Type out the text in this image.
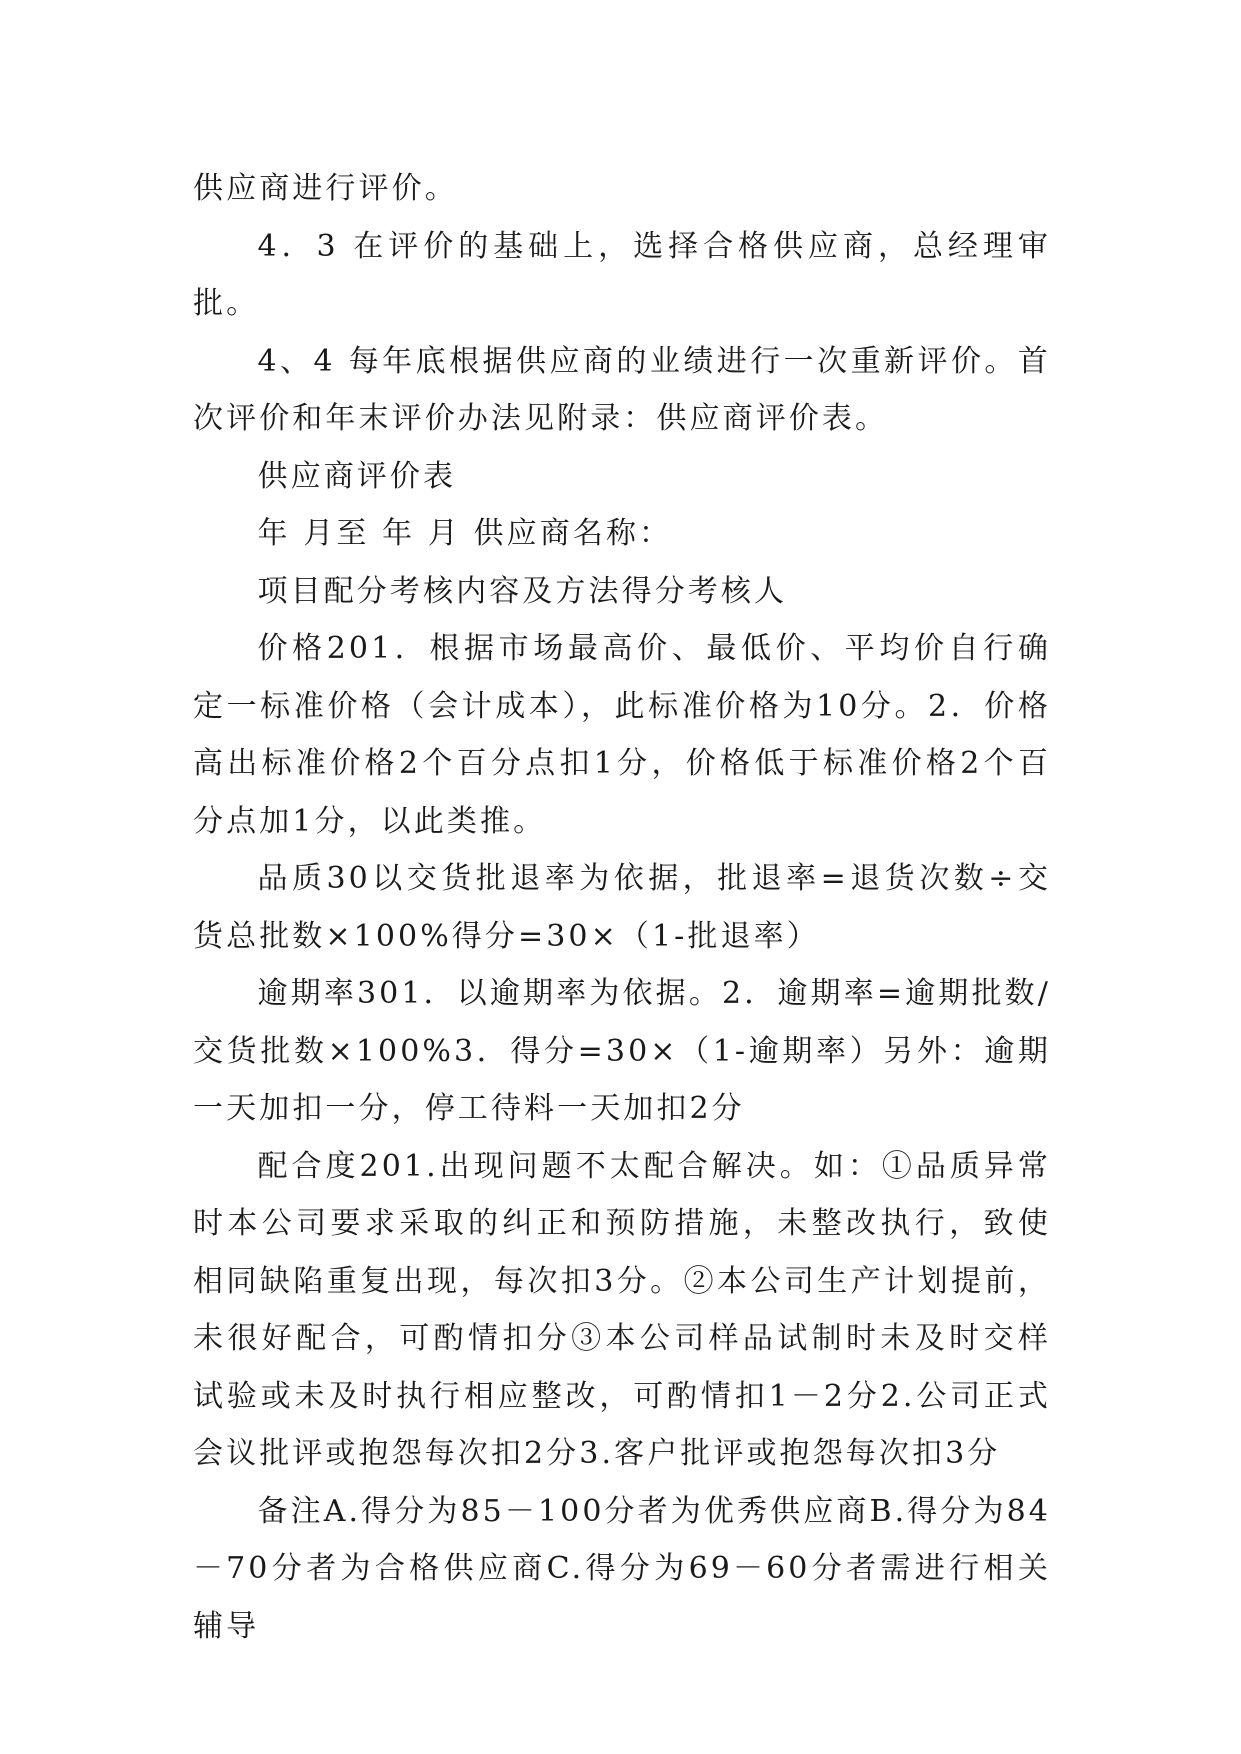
供应商进行评价。

4．3 在评价的基础上，选择合格供应商，总经理审批。

4、4 每年底根据供应商的业绩进行一次重新评价。首次评价和年末评价办法见附录：供应商评价表。

供应商评价表

年 月至 年 月 供应商名称：

项目配分考核内容及方法得分考核人

价格201．根据市场最高价、最低价、平均价自行确定一标准价格（会计成本），此标准价格为10分。2．价格高出标准价格2个百分点扣1分，价格低于标准价格2个百分点加1分，以此类推。

品质30以交货批退率为依据，批退率=退货次数÷交货总批数×100%得分=30×（1-批退率）

逾期率301．以逾期率为依据。2．逾期率=逾期批数/交货批数×100%3．得分=30×（1-逾期率）另外：逾期一天加扣一分，停工待料一天加扣2分

配合度201.出现问题不太配合解决。如：①品质异常时本公司要求采取的纠正和预防措施，未整改执行，致使相同缺陷重复出现，每次扣3分。②本公司生产计划提前，未很好配合，可酌情扣分③本公司样品试制时未及时交样试验或未及时执行相应整改，可酌情扣1－2分2.公司正式会议批评或抱怨每次扣2分3.客户批评或抱怨每次扣3分

备注A.得分为85－100分者为优秀供应商B.得分为84－70分者为合格供应商C.得分为69－60分者需进行相关辅导
